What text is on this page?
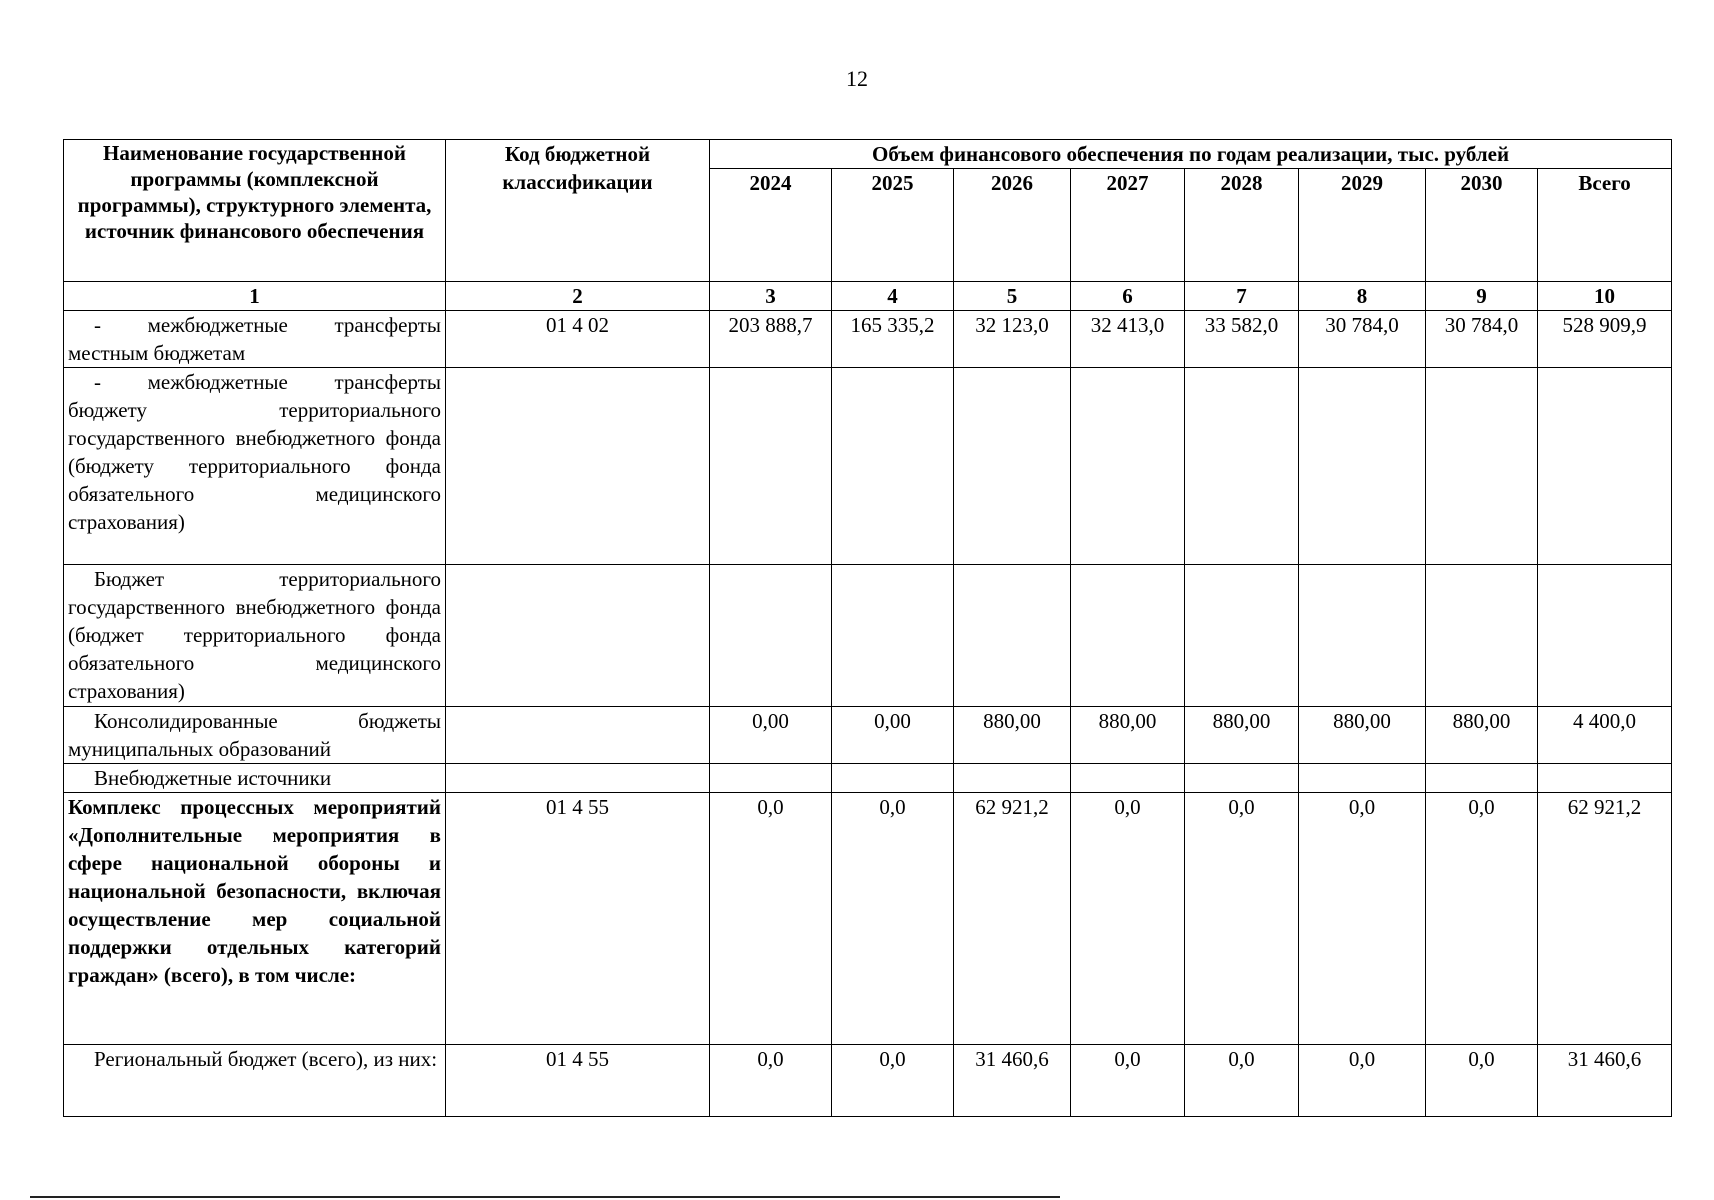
12
Наименование государственной программы (комплексной программы), структурного элемента, источник финансового обеспечения	Код бюджетной классификации	Объем финансового обеспечения по годам реализации, тыс. рублей							
		2024	2025	2026	2027	2028	2029	2030	Всего
1	2	3	4	5	6	7	8	9	10
- межбюджетные трансферты местным бюджетам	01 4 02	203 888,7	165 335,2	32 123,0	32 413,0	33 582,0	30 784,0	30 784,0	528 909,9
- межбюджетные трансферты бюджету территориального государственного внебюджетного фонда (бюджету территориального фонда обязательного медицинского страхования)									
Бюджет территориального государственного внебюджетного фонда (бюджет территориального фонда обязательного медицинского страхования)									
Консолидированные бюджеты муниципальных образований		0,00	0,00	880,00	880,00	880,00	880,00	880,00	4 400,0
Внебюджетные источники									
Комплекс процессных мероприятий «Дополнительные мероприятия в сфере национальной обороны и национальной безопасности, включая осуществление мер социальной поддержки отдельных категорий граждан» (всего), в том числе:	01 4 55	0,0	0,0	62 921,2	0,0	0,0	0,0	0,0	62 921,2
Региональный бюджет (всего), из них:	01 4 55	0,0	0,0	31 460,6	0,0	0,0	0,0	0,0	31 460,6
